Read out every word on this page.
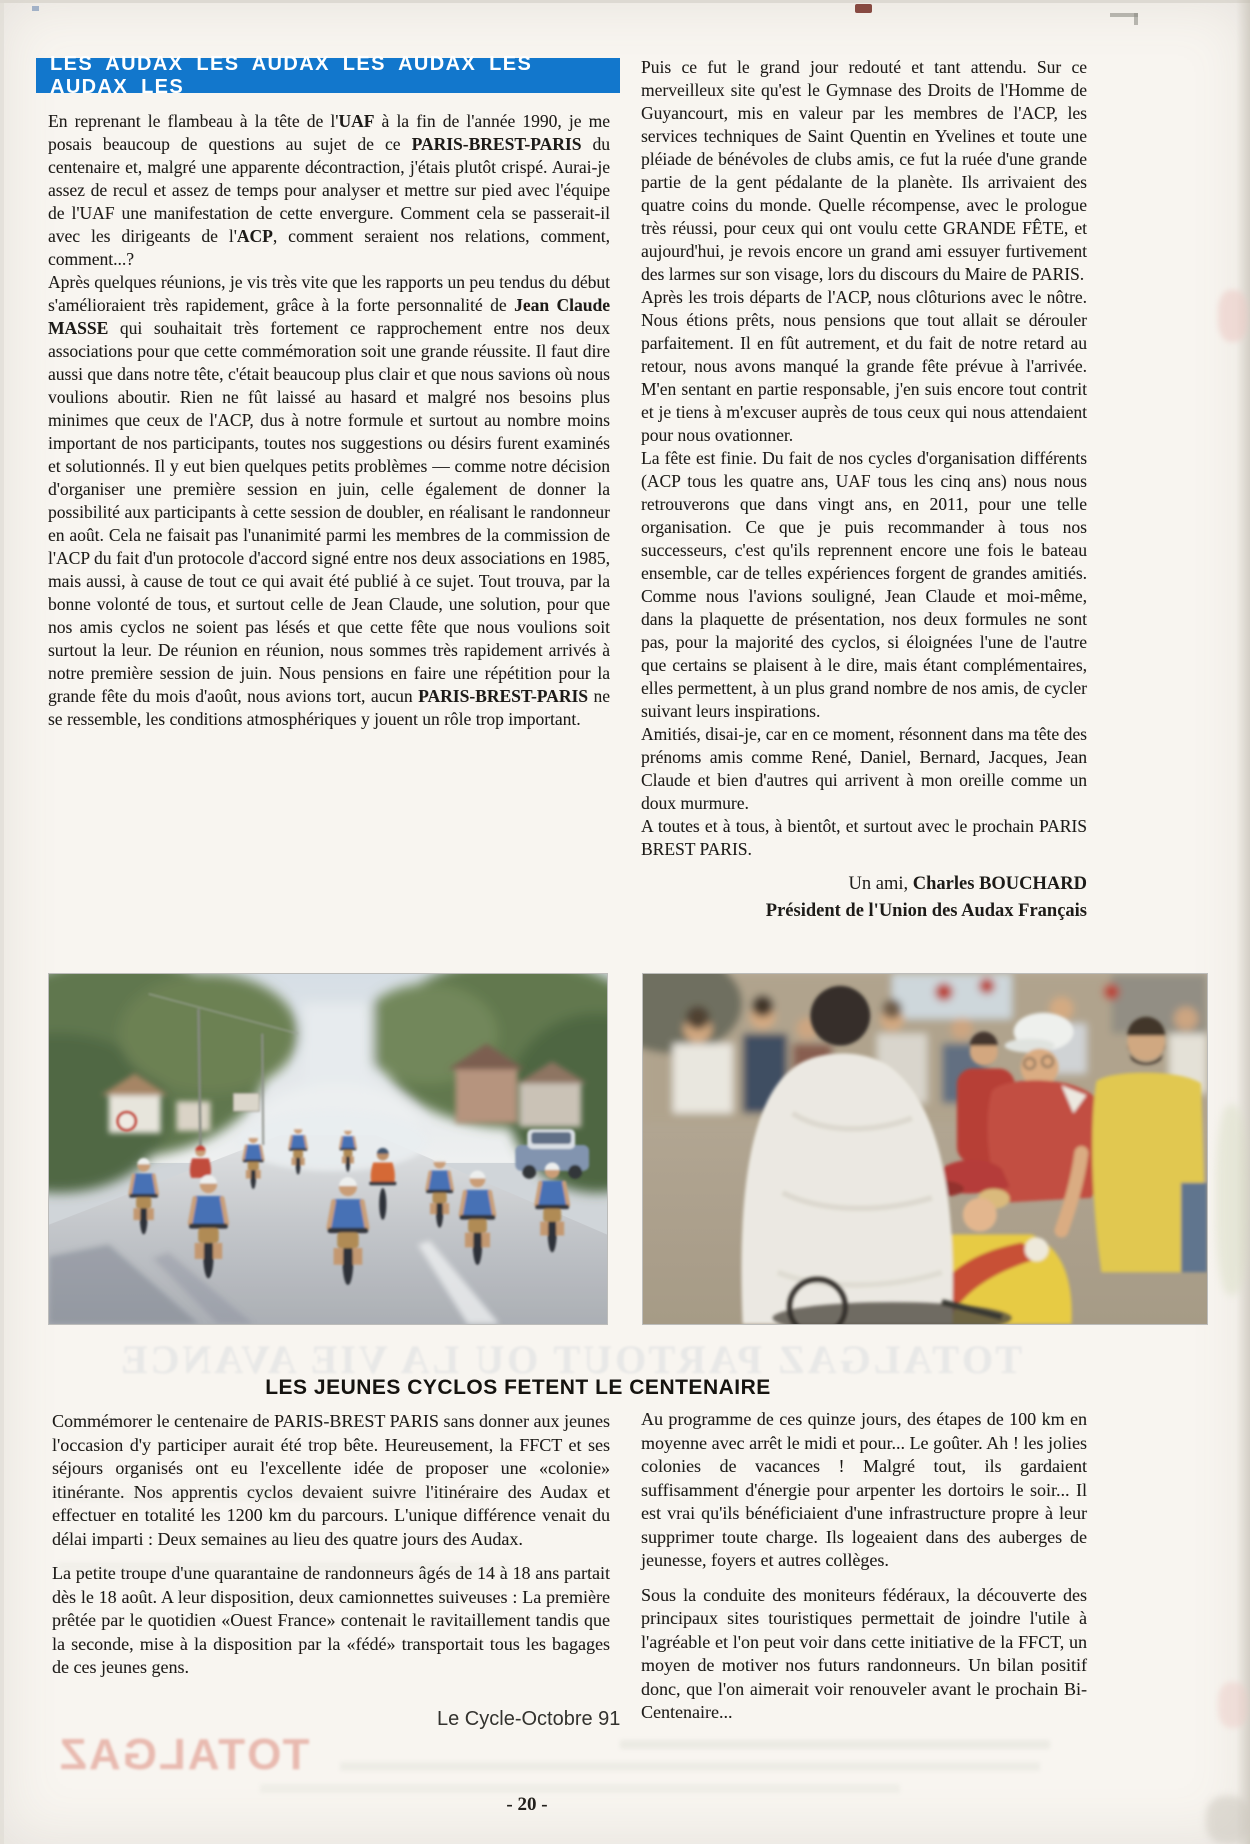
LES AUDAX LES AUDAX LES AUDAX LES AUDAX LES

En reprenant le flambeau à la tête de l'UAF à la fin de l'année 1990, je me posais beaucoup de questions au sujet de ce PARIS-BREST-PARIS du centenaire et, malgré une apparente décontraction, j'étais plutôt crispé. Aurai-je assez de recul et assez de temps pour analyser et mettre sur pied avec l'équipe de l'UAF une manifestation de cette envergure. Comment cela se passerait-il avec les dirigeants de l'ACP, comment seraient nos relations, comment, comment...?

Après quelques réunions, je vis très vite que les rapports un peu tendus du début s'amélioraient très rapidement, grâce à la forte personnalité de Jean Claude MASSE qui souhaitait très fortement ce rapprochement entre nos deux associations pour que cette commémoration soit une grande réussite. Il faut dire aussi que dans notre tête, c'était beaucoup plus clair et que nous savions où nous voulions aboutir. Rien ne fût laissé au hasard et malgré nos besoins plus minimes que ceux de l'ACP, dus à notre formule et surtout au nombre moins important de nos participants, toutes nos suggestions ou désirs furent examinés et solutionnés. Il y eut bien quelques petits problèmes — comme notre décision d'organiser une première session en juin, celle également de donner la possibilité aux participants à cette session de doubler, en réalisant le randonneur en août. Cela ne faisait pas l'unanimité parmi les membres de la commission de l'ACP du fait d'un protocole d'accord signé entre nos deux associations en 1985, mais aussi, à cause de tout ce qui avait été publié à ce sujet. Tout trouva, par la bonne volonté de tous, et surtout celle de Jean Claude, une solution, pour que nos amis cyclos ne soient pas lésés et que cette fête que nous voulions soit surtout la leur. De réunion en réunion, nous sommes très rapidement arrivés à notre première session de juin. Nous pensions en faire une répétition pour la grande fête du mois d'août, nous avions tort, aucun PARIS-BREST-PARIS ne se ressemble, les conditions atmosphériques y jouent un rôle trop important.

Puis ce fut le grand jour redouté et tant attendu. Sur ce merveilleux site qu'est le Gymnase des Droits de l'Homme de Guyancourt, mis en valeur par les membres de l'ACP, les services techniques de Saint Quentin en Yvelines et toute une pléiade de bénévoles de clubs amis, ce fut la ruée d'une grande partie de la gent pédalante de la planète. Ils arrivaient des quatre coins du monde. Quelle récompense, avec le prologue très réussi, pour ceux qui ont voulu cette GRANDE FÊTE, et aujourd'hui, je revois encore un grand ami essuyer furtivement des larmes sur son visage, lors du discours du Maire de PARIS.

Après les trois départs de l'ACP, nous clôturions avec le nôtre. Nous étions prêts, nous pensions que tout allait se dérouler parfaitement. Il en fût autrement, et du fait de notre retard au retour, nous avons manqué la grande fête prévue à l'arrivée. M'en sentant en partie responsable, j'en suis encore tout contrit et je tiens à m'excuser auprès de tous ceux qui nous attendaient pour nous ovationner.

La fête est finie. Du fait de nos cycles d'organisation différents (ACP tous les quatre ans, UAF tous les cinq ans) nous nous retrouverons que dans vingt ans, en 2011, pour une telle organisation. Ce que je puis recommander à tous nos successeurs, c'est qu'ils reprennent encore une fois le bateau ensemble, car de telles expériences forgent de grandes amitiés. Comme nous l'avions souligné, Jean Claude et moi-même, dans la plaquette de présentation, nos deux formules ne sont pas, pour la majorité des cyclos, si éloignées l'une de l'autre que certains se plaisent à le dire, mais étant complémentaires, elles permettent, à un plus grand nombre de nos amis, de cycler suivant leurs inspirations.

Amitiés, disai-je, car en ce moment, résonnent dans ma tête des prénoms amis comme René, Daniel, Bernard, Jacques, Jean Claude et bien d'autres qui arrivent à mon oreille comme un doux murmure.

A toutes et à tous, à bientôt, et surtout avec le prochain PARIS BREST PARIS.

Un ami, Charles BOUCHARD
Président de l'Union des Audax Français
TOTALGAZ PARTOUT OU LA VIE AVANCE
LES JEUNES CYCLOS FETENT LE CENTENAIRE

Commémorer le centenaire de PARIS-BREST PARIS sans donner aux jeunes l'occasion d'y participer aurait été trop bête. Heureusement, la FFCT et ses séjours organisés ont eu l'excellente idée de proposer une «colonie» itinérante. Nos apprentis cyclos devaient suivre l'itinéraire des Audax et effectuer en totalité les 1200 km du parcours. L'unique différence venait du délai imparti : Deux semaines au lieu des quatre jours des Audax.

La petite troupe d'une quarantaine de randonneurs âgés de 14 à 18 ans partait dès le 18 août. A leur disposition, deux camionnettes suiveuses : La première prêtée par le quotidien «Ouest France» contenait le ravitaillement tandis que la seconde, mise à la disposition par la «fédé» transportait tous les bagages de ces jeunes gens.

Au programme de ces quinze jours, des étapes de 100 km en moyenne avec arrêt le midi et pour... Le goûter. Ah ! les jolies colonies de vacances ! Malgré tout, ils gardaient suffisamment d'énergie pour arpenter les dortoirs le soir... Il est vrai qu'ils bénéficiaient d'une infrastructure propre à leur supprimer toute charge. Ils logeaient dans des auberges de jeunesse, foyers et autres collèges.

Sous la conduite des moniteurs fédéraux, la découverte des principaux sites touristiques permettait de joindre l'utile à l'agréable et l'on peut voir dans cette initiative de la FFCT, un moyen de motiver nos futurs randonneurs. Un bilan positif donc, que l'on aimerait voir renouveler avant le prochain Bi-Centenaire...

TOTALGAZ
Le Cycle-Octobre 91
- 20 -
